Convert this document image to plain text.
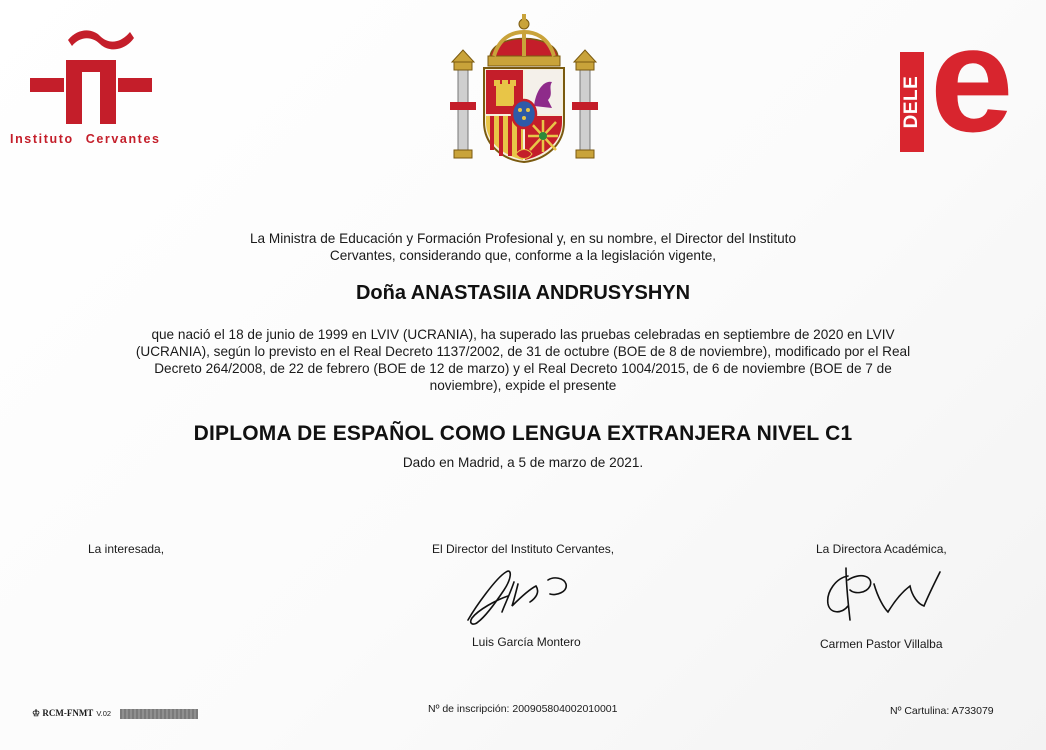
Instituto Cervantes
DELE e
La Ministra de Educación y Formación Profesional y, en su nombre, el Director del Instituto
Cervantes, considerando que, conforme a la legislación vigente,
Doña ANASTASIIA ANDRUSYSHYN
que nació el 18 de junio de 1999 en LVIV (UCRANIA), ha superado las pruebas celebradas en septiembre de 2020 en LVIV
(UCRANIA), según lo previsto en el Real Decreto 1137/2002, de 31 de octubre (BOE de 8 de noviembre), modificado por el Real
Decreto 264/2008, de 22 de febrero (BOE de 12 de marzo) y el Real Decreto 1004/2015, de 6 de noviembre (BOE de 7 de
noviembre), expide el presente
DIPLOMA DE ESPAÑOL COMO LENGUA EXTRANJERA NIVEL C1
Dado en Madrid, a 5 de marzo de 2021.
La interesada,	El Director del Instituto Cervantes,
Luis García Montero
La Directora Académica,
Carmen Pastor Villalba
♔ RCM-FNMT V.02	Nº de inscripción: 20090580400201000​1	Nº Cartulina: A733079
